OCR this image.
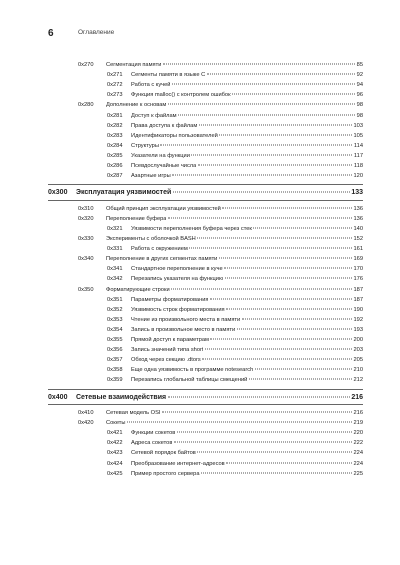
6	Оглавление
0x270	Сегментация памяти	85
0x271	Сегменты памяти в языке C	92
0x272	Работа с кучей	94
0x273	Функция malloc() с контролем ошибок	96
0x280	Дополнение к основам	98
0x281	Доступ к файлам	98
0x282	Права доступа к файлам	103
0x283	Идентификаторы пользователей	105
0x284	Структуры	114
0x285	Указатели на функции	117
0x286	Псевдослучайные числа	118
0x287	Азартные игры	120
0x300	Эксплуатация уязвимостей	133
0x310	Общий принцип эксплуатации уязвимостей	136
0x320	Переполнение буфера	136
0x321	Уязвимости переполнения буфера через стек	140
0x330	Эксперименты с оболочкой BASH	152
0x331	Работа с окружением	161
0x340	Переполнение в других сегментах памяти	169
0x341	Стандартное переполнение в куче	170
0x342	Перезапись указателя на функцию	176
0x350	Форматирующие строки	187
0x351	Параметры форматирования	187
0x352	Уязвимость строк форматирования	190
0x353	Чтение из произвольного места в памяти	192
0x354	Запись в произвольное место в памяти	193
0x355	Прямой доступ к параметрам	200
0x356	Запись значений типа short	203
0x357	Обход через секцию .dtors	205
0x358	Еще одна уязвимость в программе notesearch	210
0x359	Перезапись глобальной таблицы смещений	212
0x400	Сетевые взаимодействия	216
0x410	Сетевая модель OSI	216
0x420	Сокеты	219
0x421	Функции сокетов	220
0x422	Адреса сокетов	222
0x423	Сетевой порядок байтов	224
0x424	Преобразование интернет-адресов	224
0x425	Пример простого сервера	225
